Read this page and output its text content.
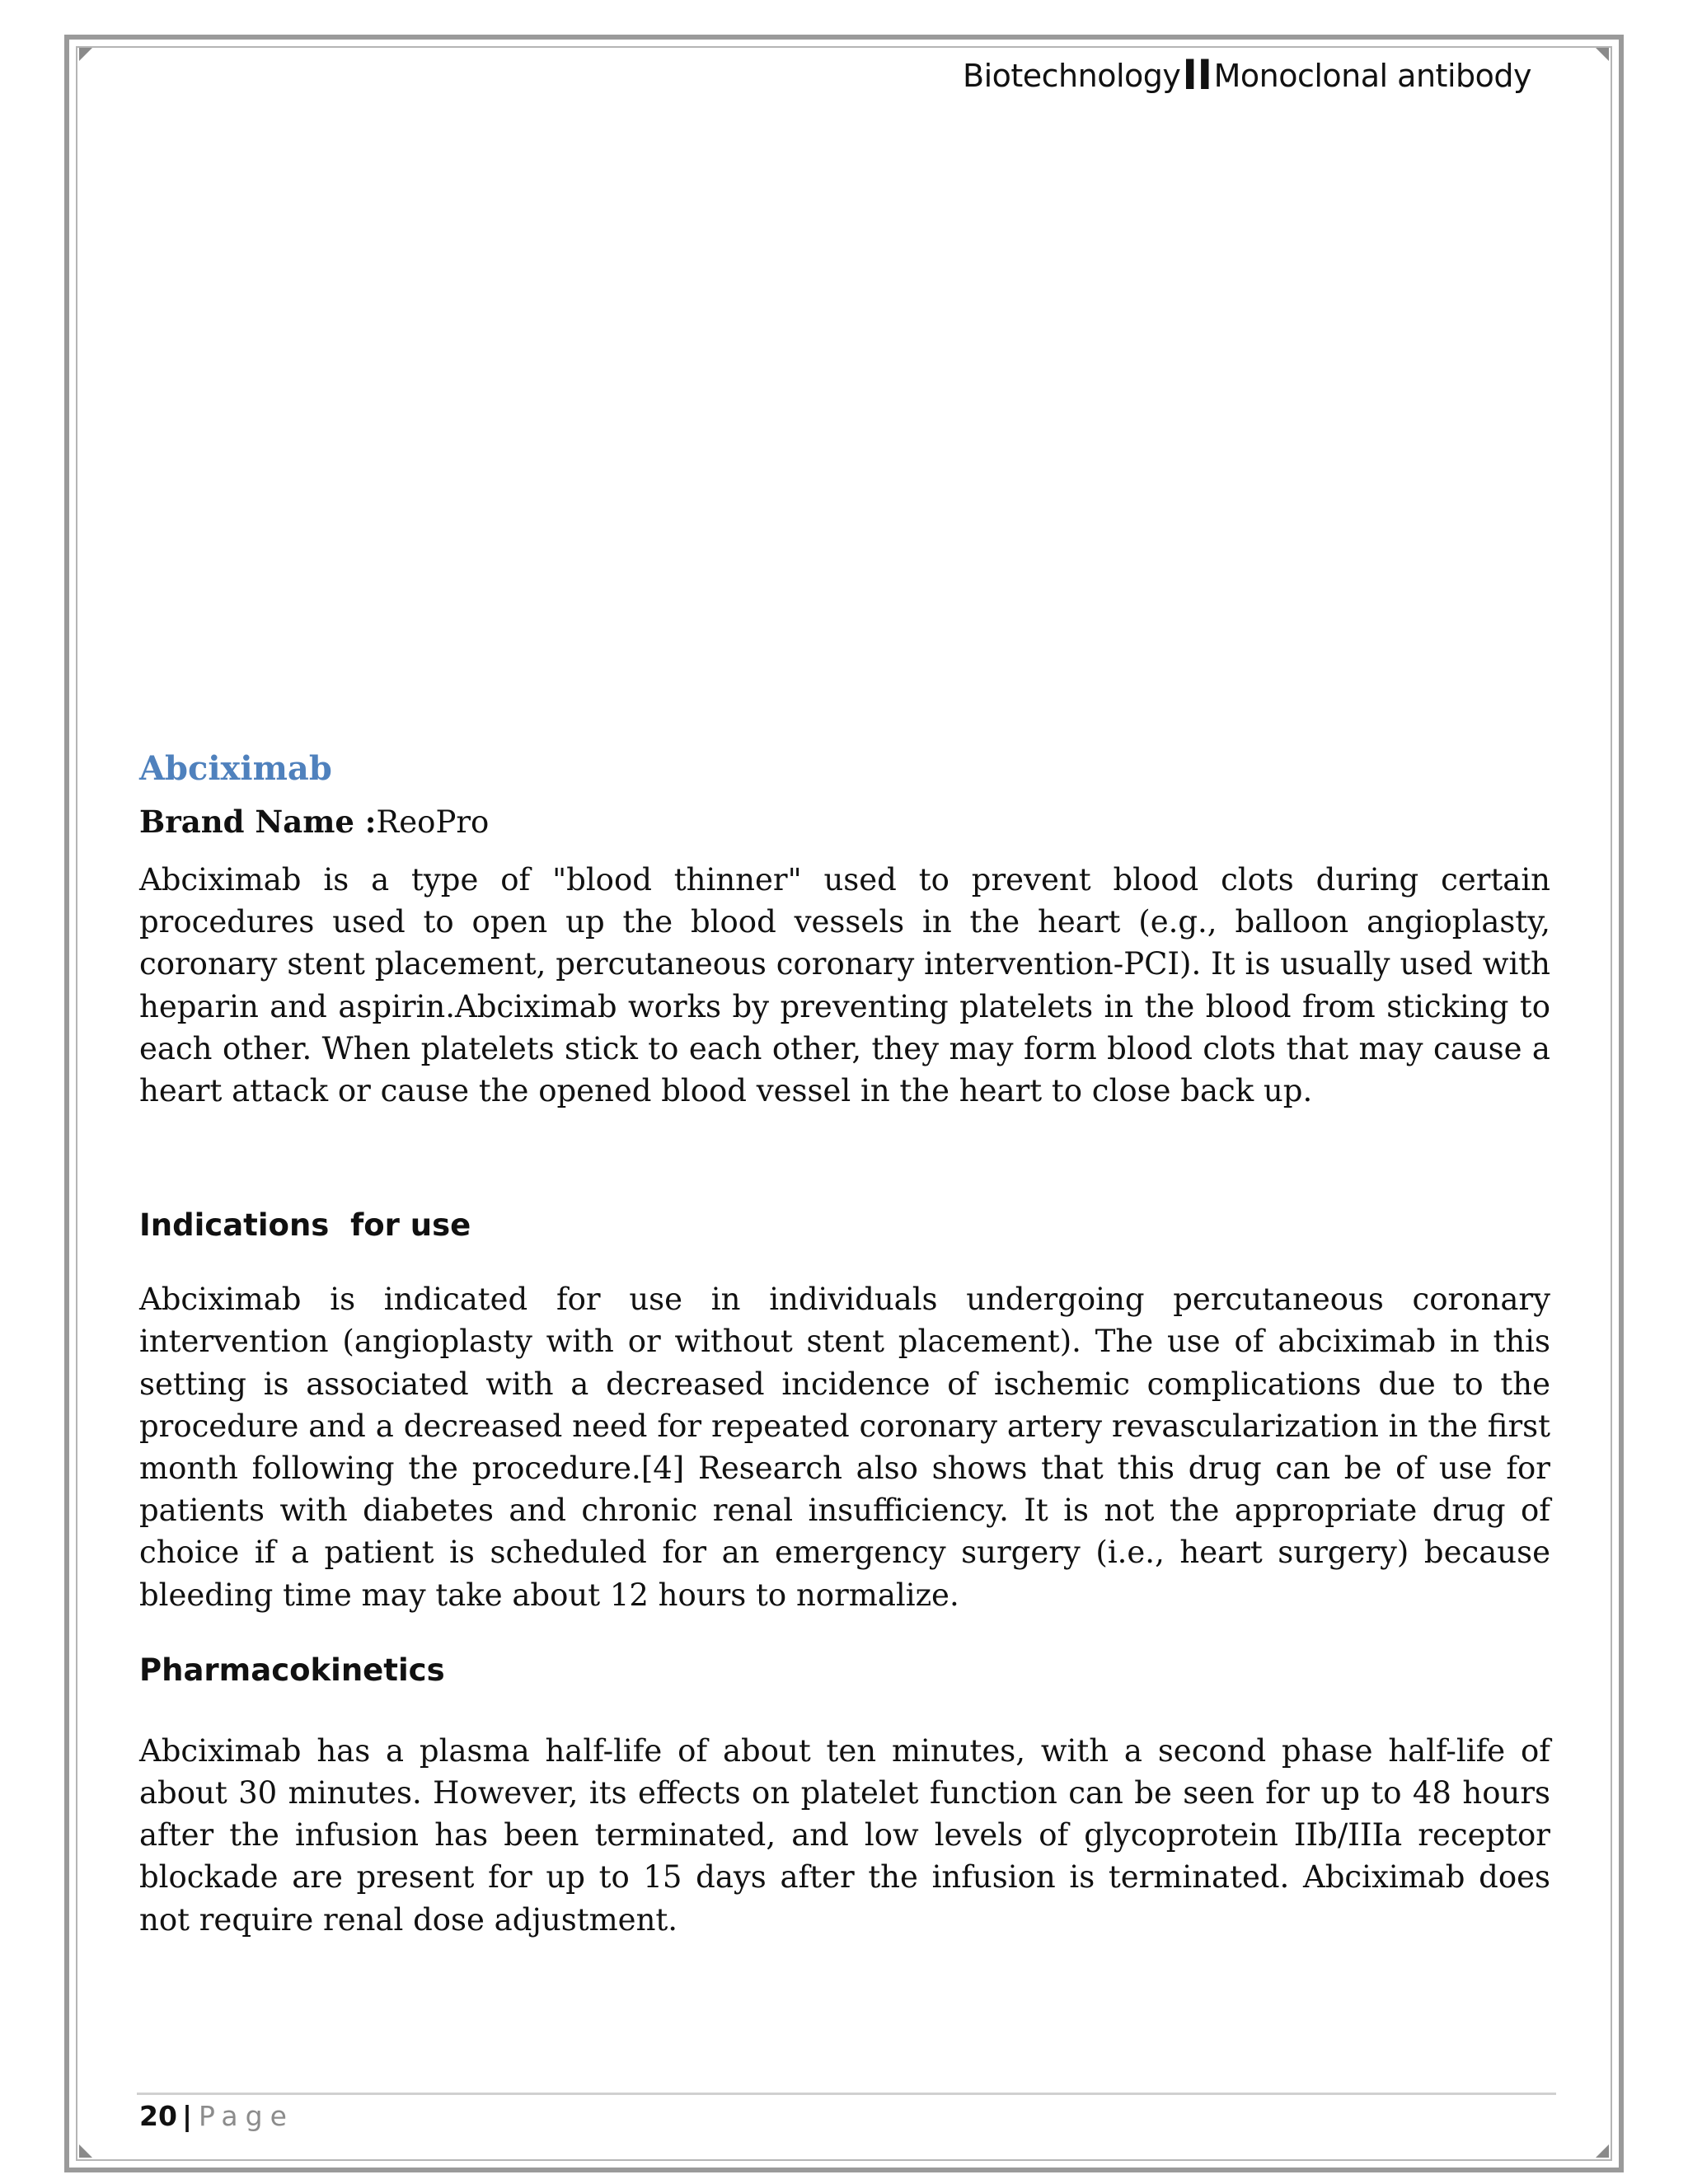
BiotechnologyIIMonoclonal antibody
Abciximab

Brand Name :ReoPro

Abciximab is a type of "blood thinner" used to prevent blood clots during certain procedures used to open up the blood vessels in the heart (e.g., balloon angioplasty, coronary stent placement, percutaneous coronary intervention-PCI). It is usually used with heparin and aspirin.Abciximab works by preventing platelets in the blood from sticking to each other. When platelets stick to each other, they may form blood clots that may cause a heart attack or cause the opened blood vessel in the heart to close back up.

Indications  for use

Abciximab is indicated for use in individuals undergoing percutaneous coronary intervention (angioplasty with or without stent placement). The use of abciximab in this setting is associated with a decreased incidence of ischemic complications due to the procedure and a decreased need for repeated coronary artery revascularization in the first month following the procedure.[4] Research also shows that this drug can be of use for patients with diabetes and chronic renal insufficiency. It is not the appropriate drug of choice if a patient is scheduled for an emergency surgery (i.e., heart surgery) because bleeding time may take about 12 hours to normalize.

Pharmacokinetics

Abciximab has a plasma half-life of about ten minutes, with a second phase half-life of about 30 minutes. However, its effects on platelet function can be seen for up to 48 hours after the infusion has been terminated, and low levels of glycoprotein IIb/IIIa receptor blockade are present for up to 15 days after the infusion is terminated. Abciximab does not require renal dose adjustment.

20 | Page
